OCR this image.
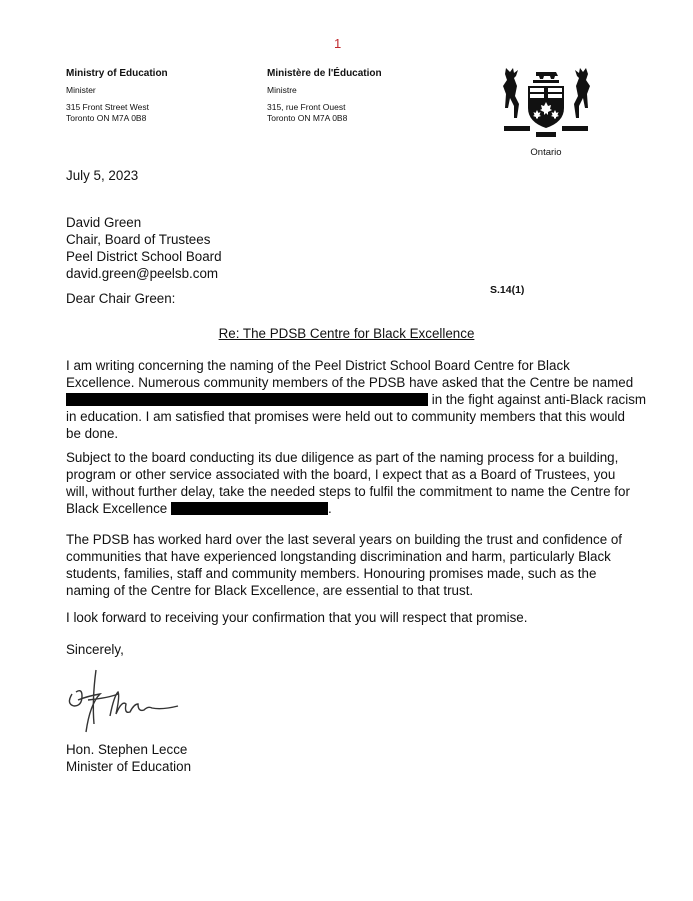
1
Ministry of Education
Minister
315 Front Street West
Toronto ON M7A 0B8
Ministère de l'Éducation
Ministre
315, rue Front Ouest
Toronto ON M7A 0B8
Ontario
July 5, 2023
David Green
Chair, Board of Trustees
Peel District School Board
david.green@peelsb.com
S.14(1)
Dear Chair Green:
Re: The PDSB Centre for Black Excellence
I am writing concerning the naming of the Peel District School Board Centre for Black
Excellence. Numerous community members of the PDSB have asked that the Centre be named
in the fight against anti-Black racism
in education. I am satisfied that promises were held out to community members that this would
be done.
Subject to the board conducting its due diligence as part of the naming process for a building,
program or other service associated with the board, I expect that as a Board of Trustees, you
will, without further delay, take the needed steps to fulfil the commitment to name the Centre for
Black Excellence	.
The PDSB has worked hard over the last several years on building the trust and confidence of
communities that have experienced longstanding discrimination and harm, particularly Black
students, families, staff and community members. Honouring promises made, such as the
naming of the Centre for Black Excellence, are essential to that trust.
I look forward to receiving your confirmation that you will respect that promise.
Sincerely,
Hon. Stephen Lecce
Minister of Education
